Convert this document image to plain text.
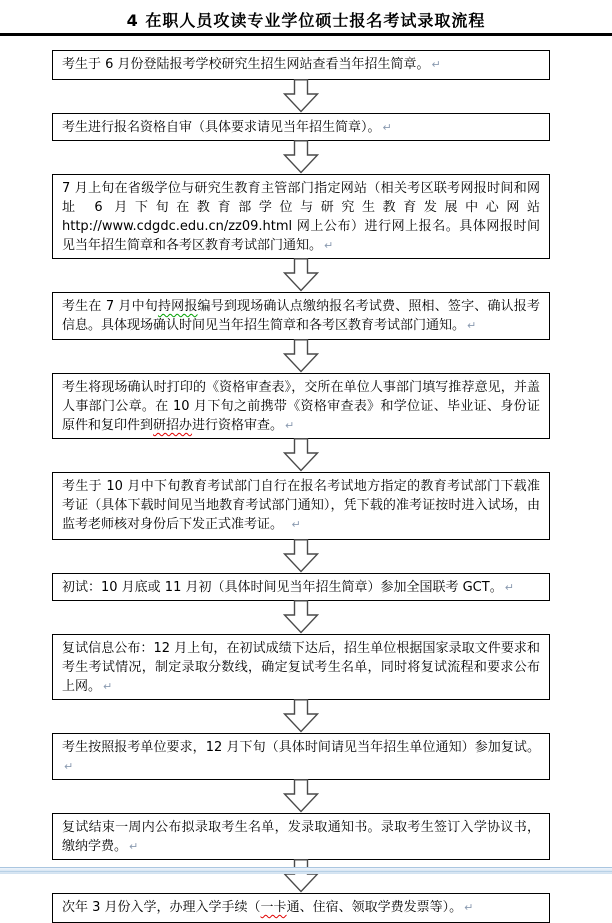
4 在职人员攻读专业学位硕士报名考试录取流程
考生于 6 月份登陆报考学校研究生招生网站查看当年招生简章。 ↵
考生进行报名资格自审（具体要求请见当年招生简章）。 ↵
7 月上旬在省级学位与研究生教育主管部门指定网站（相关考区联考网报时间和网址 6 月下旬在教育部学位与研究生教育发展中心网站 http://www.cdgdc.edu.cn/zz09.html 网上公布）进行网上报名。具体网报时间见当年招生简章和各考区教育考试部门通知。 ↵
考生在 7 月中旬持网报编号到现场确认点缴纳报名考试费、照相、签字、确认报考信息。具体现场确认时间见当年招生简章和各考区教育考试部门通知。 ↵
考生将现场确认时打印的《资格审查表》，交所在单位人事部门填写推荐意见，并盖人事部门公章。在 10 月下旬之前携带《资格审查表》和学位证、毕业证、身份证原件和复印件到研招办进行资格审查。 ↵
考生于 10 月中下旬教育考试部门自行在报名考试地方指定的教育考试部门下载准考证（具体下载时间见当地教育考试部门通知），凭下载的准考证按时进入试场，由监考老师核对身份后下发正式准考证。　↵
初试：10 月底或 11 月初（具体时间见当年招生简章）参加全国联考 GCT。 ↵
复试信息公布：12 月上旬，在初试成绩下达后，招生单位根据国家录取文件要求和考生考试情况，制定录取分数线，确定复试考生名单，同时将复试流程和要求公布上网。 ↵
考生按照报考单位要求，12 月下旬（具体时间请见当年招生单位通知）参加复试。↵
复试结束一周内公布拟录取考生名单，发录取通知书。录取考生签订入学协议书，缴纳学费。 ↵
次年 3 月份入学，办理入学手续（一卡通、住宿、领取学费发票等）。 ↵
